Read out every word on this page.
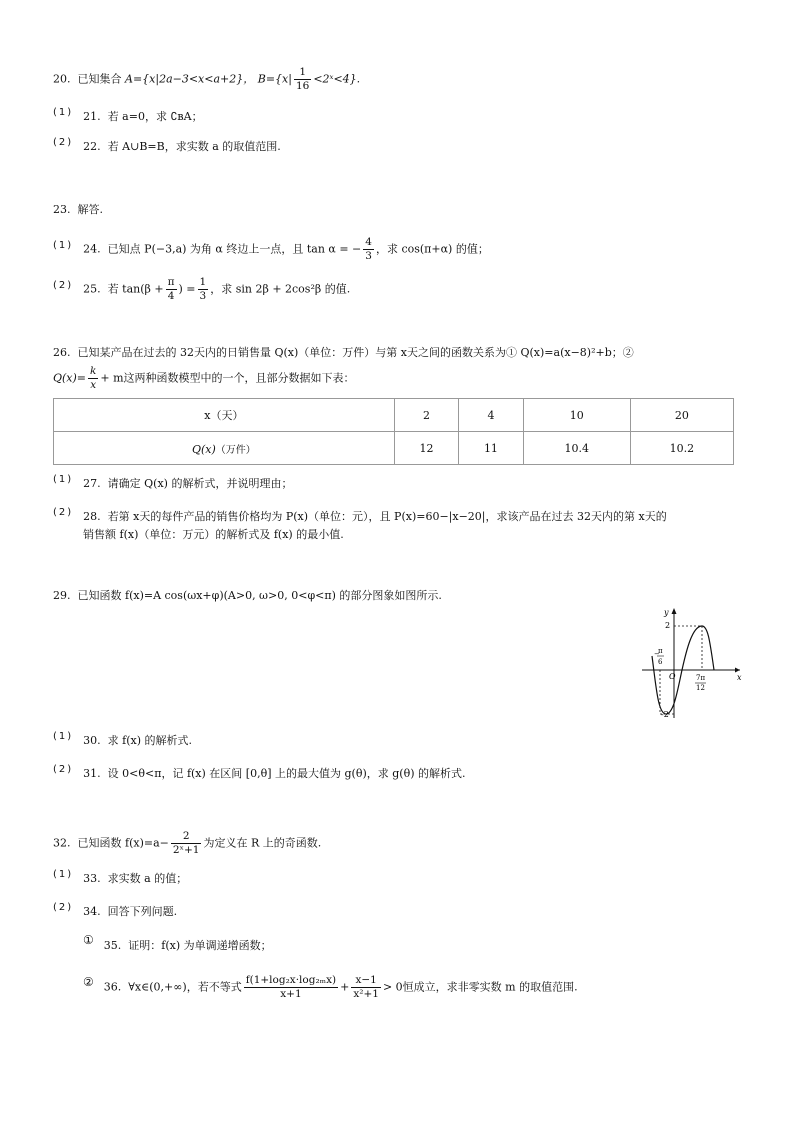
20. 已知集合 A={x|2a−3<x<a+2}， $B=\{x| \frac{1}{16}$ <2ˣ<4}.
(1) 21. 若 a=0，求 ∁ʙA；
(2) 22. 若 A∪B=B，求实数 a 的取值范围.
23. 解答.
(1) 24. 已知点 P(−3,a) 为角 α 终边上一点，且 tan α = − $\frac{4}{3}$ ，求 cos(π+α) 的值；
(2) 25. 若 $\tan(\beta + \frac{\pi}{4}$ ) = $\frac{1}{3}$ ，求 sin 2β + 2cos²β 的值.
26. 已知某产品在过去的 32天内的日销售量 Q(x)（单位：万件）与第 x天之间的函数关系为① Q(x)=a(x−8)²+b；②
$Q(x)= \frac{k}{x} + m$这两种函数模型中的一个，且部分数据如下表：
x（天）	2	4	10	20
Q(x)（万件）	12	11	10.4	10.2
(1) 27. 请确定 Q(x) 的解析式，并说明理由；
(2) 28. 若第 x天的每件产品的销售价格均为 P(x)（单位：元），且 P(x)=60−|x−20|，求该产品在过去 32天内的第 x天的
销售额 f(x)（单位：万元）的解析式及 f(x) 的最小值.
29. 已知函数 f(x)=A cos(ωx+φ)(A>0, ω>0, 0<φ<π) 的部分图象如图所示.
y
x
O
2
-2
−
π
6
7π
12
(1) 30. 求 f(x) 的解析式.
(2) 31. 设 0<θ<π，记 f(x) 在区间 [0,θ] 上的最大值为 g(θ)，求 g(θ) 的解析式.
32. 已知函数 $f(x)=a- \frac{2}{\text{2ˣ+1}}$ 为定义在 R 上的奇函数.
(1) 33. 求实数 a 的值；
(2) 34. 回答下列问题.
① 35. 证明：f(x) 为单调递增函数；
② 36. ∀x∈(0,+∞)，若不等式 $\frac{\text{f(1+log₂x·log₂ₘx)}}{x+1} + \frac{x-1}{\text{x²+1}} > 0$恒成立，求非零实数 m 的取值范围.
